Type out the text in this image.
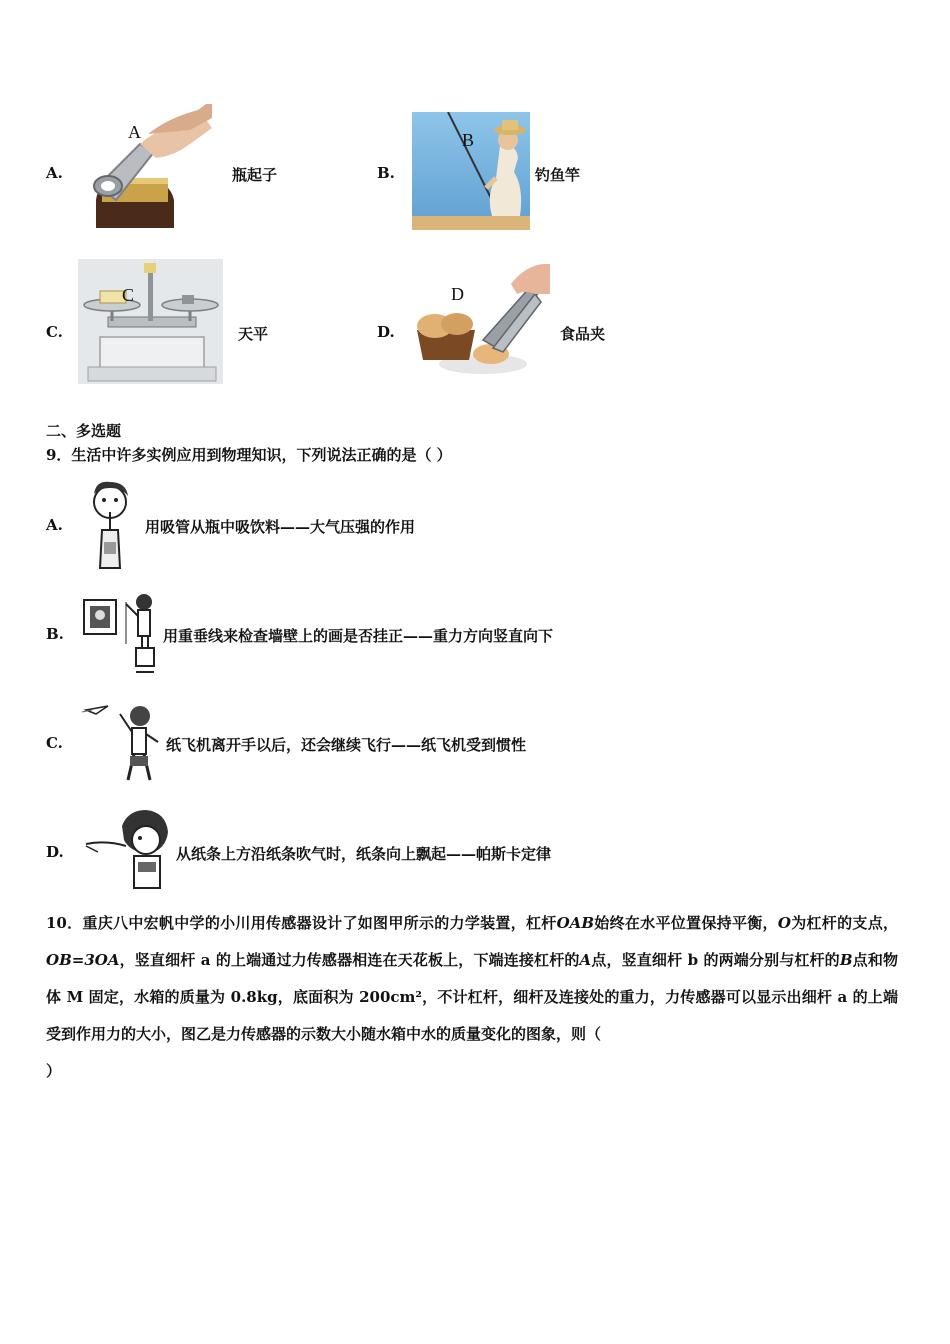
A.
A
瓶起子	B.
B
钓鱼竿
C.
C
天平	D.
D
食品夹
二、多选题
9．生活中许多实例应用到物理知识，下列说法正确的是（ ）
A.	用吸管从瓶中吸饮料——大气压强的作用
B.	用重垂线来检查墙壁上的画是否挂正——重力方向竖直向下
C.	纸飞机离开手以后，还会继续飞行——纸飞机受到惯性
D.	从纸条上方沿纸条吹气时，纸条向上飘起——帕斯卡定律
10．重庆八中宏帆中学的小川用传感器设计了如图甲所示的力学装置，杠杆OAB始终在水平位置保持平衡，O为杠杆的支点，OB=3OA，竖直细杆 a 的上端通过力传感器相连在天花板上，下端连接杠杆的A点，竖直细杆 b 的两端分别与杠杆的B点和物体 M 固定，水箱的质量为 0.8kg，底面积为 200cm²，不计杠杆，细杆及连接处的重力，力传感器可以显示出细杆 a 的上端受到作用力的大小，图乙是力传感器的示数大小随水箱中水的质量变化的图象，则（
）
